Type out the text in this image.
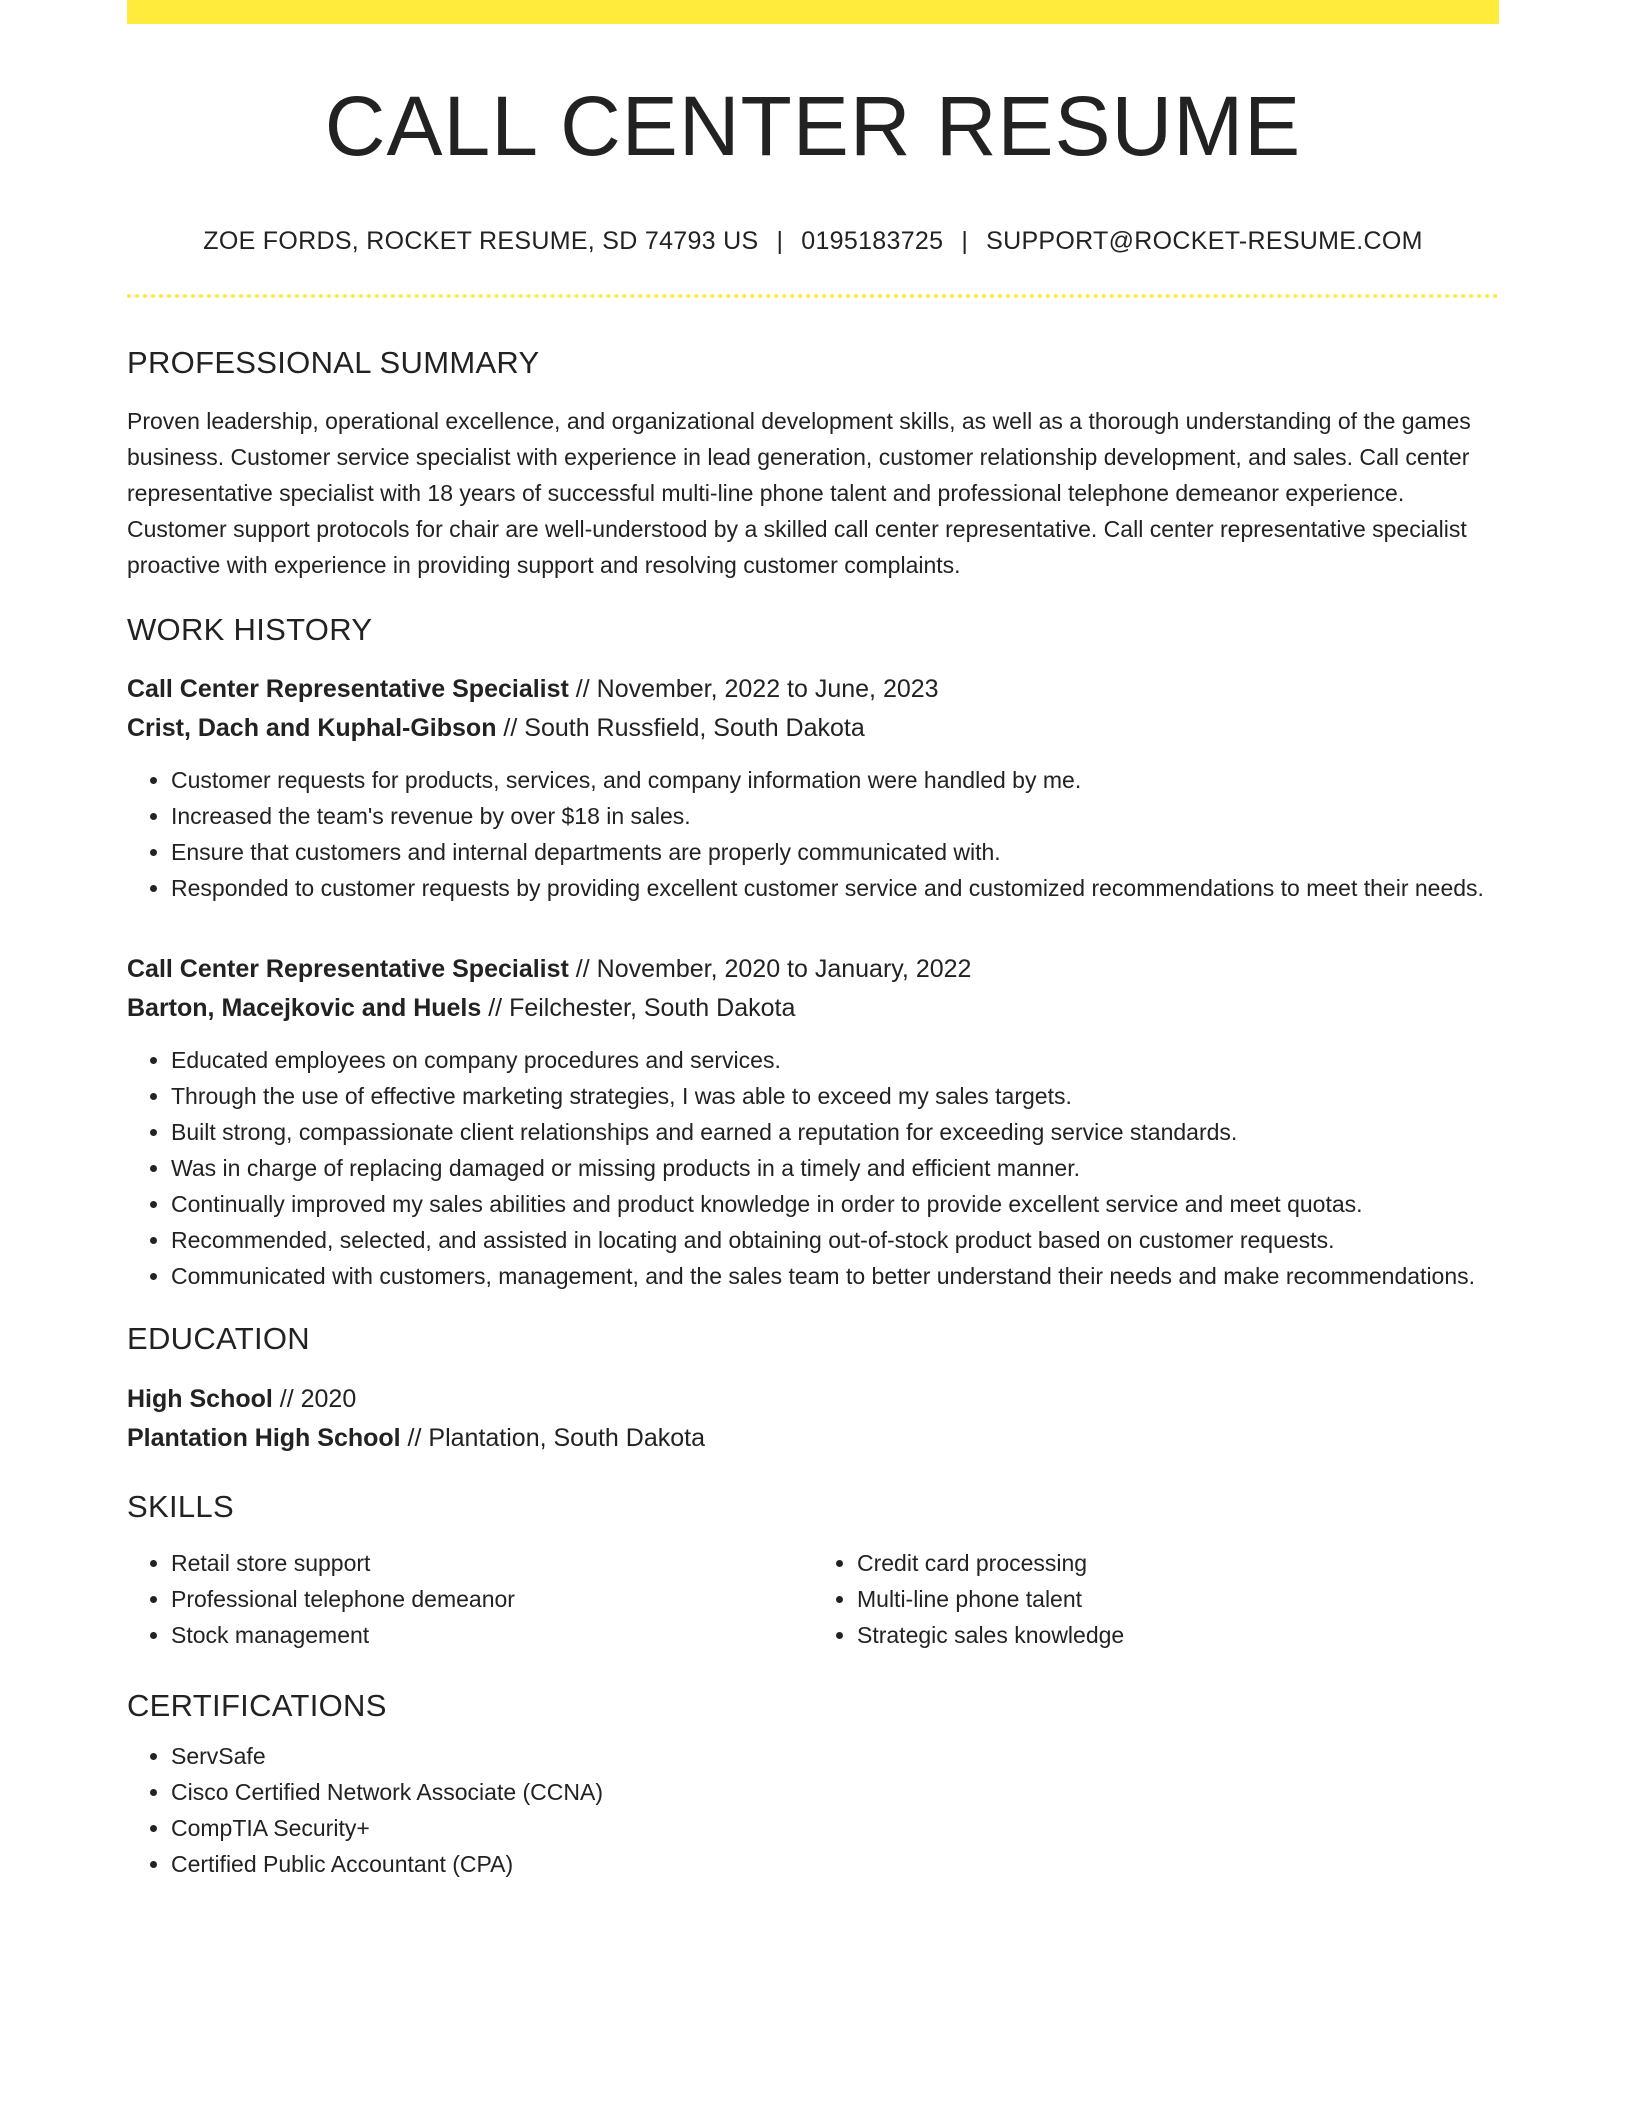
CALL CENTER RESUME
ZOE FORDS, ROCKET RESUME, SD 74793 US | 0195183725 | SUPPORT@ROCKET-RESUME.COM
PROFESSIONAL SUMMARY

Proven leadership, operational excellence, and organizational development skills, as well as a thorough understanding of the games business. Customer service specialist with experience in lead generation, customer relationship development, and sales. Call center representative specialist with 18 years of successful multi-line phone talent and professional telephone demeanor experience. Customer support protocols for chair are well-understood by a skilled call center representative. Call center representative specialist proactive with experience in providing support and resolving customer complaints.

WORK HISTORY
Call Center Representative Specialist // November, 2022 to June, 2023
Crist, Dach and Kuphal-Gibson // South Russfield, South Dakota
• Customer requests for products, services, and company information were handled by me.
• Increased the team's revenue by over $18 in sales.
• Ensure that customers and internal departments are properly communicated with.
• Responded to customer requests by providing excellent customer service and customized recommendations to meet their needs.
Call Center Representative Specialist // November, 2020 to January, 2022
Barton, Macejkovic and Huels // Feilchester, South Dakota
• Educated employees on company procedures and services.
• Through the use of effective marketing strategies, I was able to exceed my sales targets.
• Built strong, compassionate client relationships and earned a reputation for exceeding service standards.
• Was in charge of replacing damaged or missing products in a timely and efficient manner.
• Continually improved my sales abilities and product knowledge in order to provide excellent service and meet quotas.
• Recommended, selected, and assisted in locating and obtaining out-of-stock product based on customer requests.
• Communicated with customers, management, and the sales team to better understand their needs and make recommendations.
EDUCATION
High School // 2020
Plantation High School // Plantation, South Dakota
SKILLS
• Retail store support
• Professional telephone demeanor
• Stock management
• Credit card processing
• Multi-line phone talent
• Strategic sales knowledge
CERTIFICATIONS
• ServSafe
• Cisco Certified Network Associate (CCNA)
• CompTIA Security+
• Certified Public Accountant (CPA)
